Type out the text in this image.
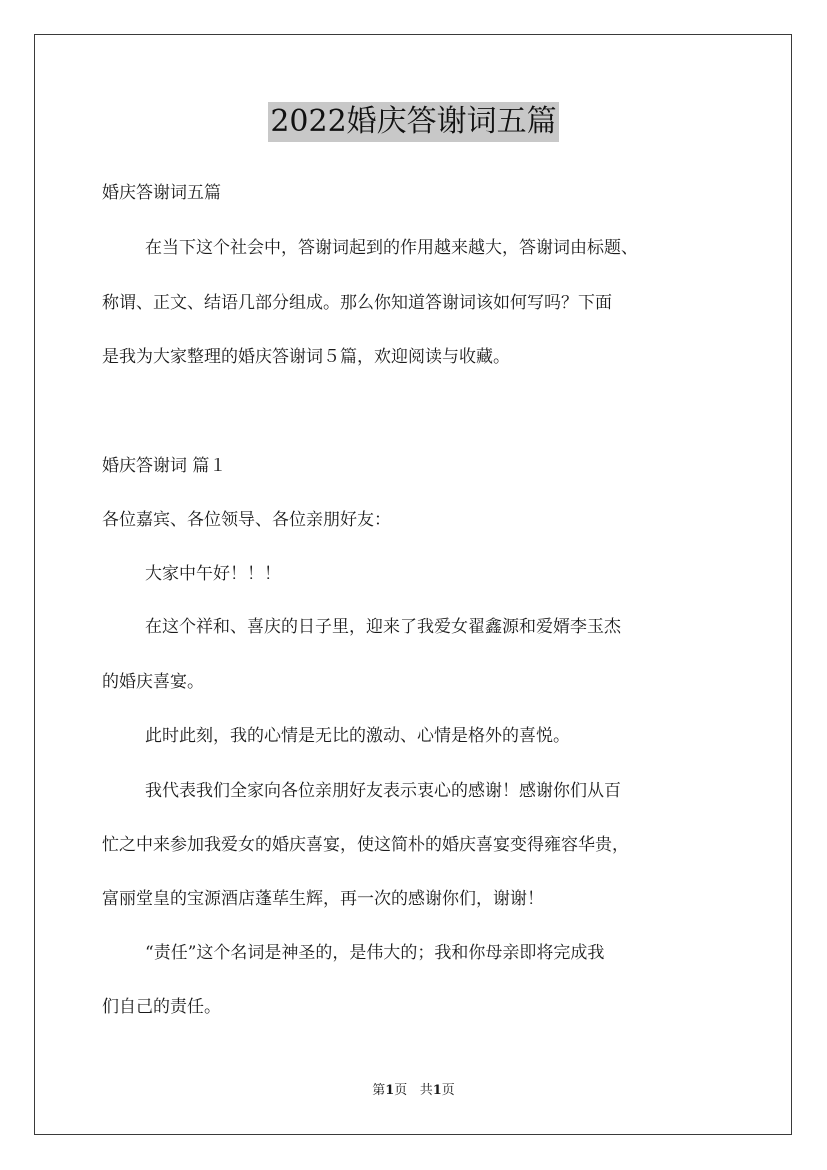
2022婚庆答谢词五篇
婚庆答谢词五篇
在当下这个社会中，答谢词起到的作用越来越大，答谢词由标题、
称谓、正文、结语几部分组成。那么你知道答谢词该如何写吗？下面
是我为大家整理的婚庆答谢词５篇，欢迎阅读与收藏。
婚庆答谢词 篇１
各位嘉宾、各位领导、各位亲朋好友：
大家中午好！！！
在这个祥和、喜庆的日子里，迎来了我爱女翟鑫源和爱婿李玉杰
的婚庆喜宴。
此时此刻，我的心情是无比的激动、心情是格外的喜悦。
我代表我们全家向各位亲朋好友表示衷心的感谢！感谢你们从百
忙之中来参加我爱女的婚庆喜宴，使这简朴的婚庆喜宴变得雍容华贵，
富丽堂皇的宝源酒店蓬荜生辉，再一次的感谢你们，谢谢！
“责任”这个名词是神圣的，是伟大的；我和你母亲即将完成我
们自己的责任。
第1页 共1页
